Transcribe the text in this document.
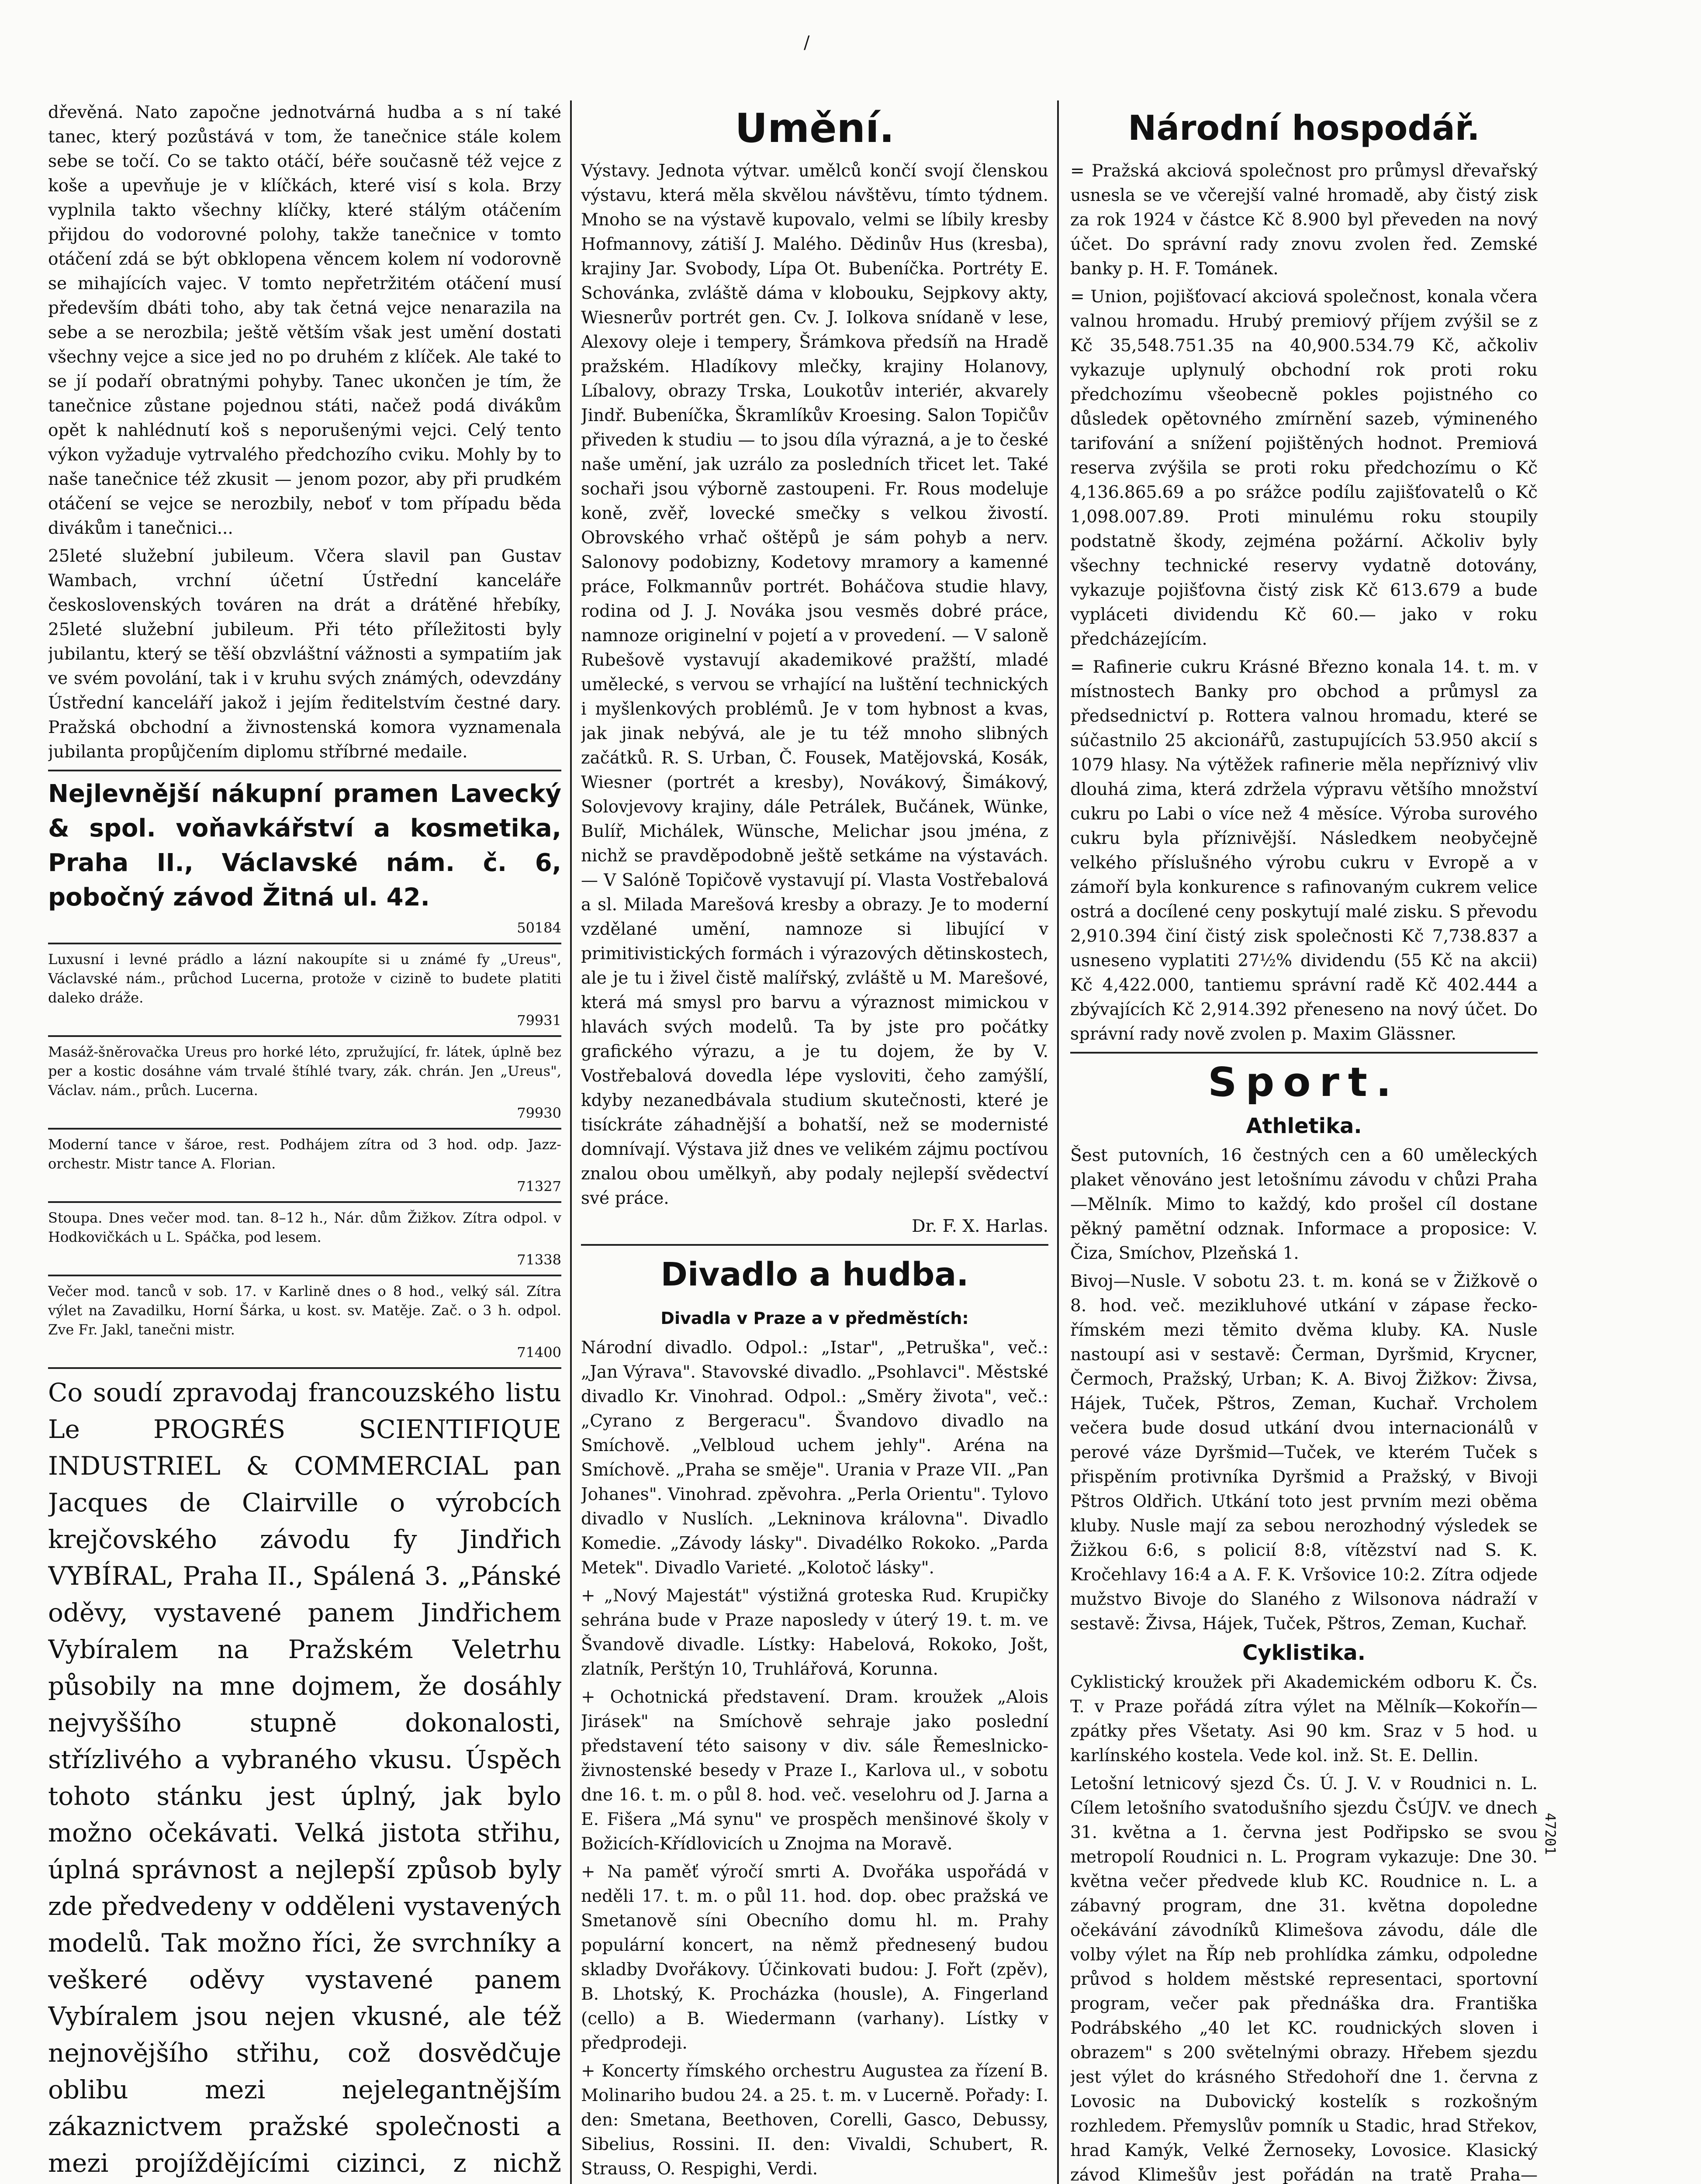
/

dřevěná. Nato započne jednotvárná hudba a s ní také tanec, který pozůstává v tom, že tanečnice stále kolem sebe se točí. Co se takto otáčí, béře současně též vejce z koše a upevňuje je v klíčkách, které visí s kola. Brzy vyplnila takto všechny klíčky, které stálým otáčením přijdou do vodorovné polohy, takže tanečnice v tomto otáčení zdá se být obklopena věncem kolem ní vodorovně se mihajících vajec. V tomto nepřetržitém otáčení musí především dbáti toho, aby tak četná vejce nenarazila na sebe a se nerozbila; ještě větším však jest umění dostati všechny vejce a sice jed no po druhém z klíček. Ale také to se jí podaří obratnými pohyby. Tanec ukončen je tím, že tanečnice zůstane pojednou státi, načež podá divákům opět k nahlédnutí koš s neporušenými vejci. Celý tento výkon vyžaduje vytrvalého předchozího cviku. Mohly by to naše tanečnice též zkusit — jenom pozor, aby při prudkém otáčení se vejce se nerozbily, neboť v tom případu běda divákům i tanečnici...

25leté služební jubileum. Včera slavil pan Gustav Wambach, vrchní účetní Ústřední kanceláře československých továren na drát a drátěné hřebíky, 25leté služební jubileum. Při této příležitosti byly jubilantu, který se těší obzvláštní vážnosti a sympatiím jak ve svém povolání, tak i v kruhu svých známých, odevzdány Ústřední kanceláří jakož i jejím ředitelstvím čestné dary. Pražská obchodní a živnostenská komora vyznamenala jubilanta propůjčením diplomu stříbrné medaile.

Nejlevnější nákupní pramen Lavecký & spol. voňavkářství a kosmetika, Praha II., Václavské nám. č. 6, pobočný závod Žitná ul. 42.

50184

Luxusní i levné prádlo a lázní nakoupíte si u známé fy „Ureus", Václavské nám., průchod Lucerna, protože v cizině to budete platiti daleko dráže.

79931

Masáž-šněrovačka Ureus pro horké léto, zpružující, fr. látek, úplně bez per a kostic dosáhne vám trvalé štíhlé tvary, zák. chrán. Jen „Ureus", Václav. nám., průch. Lucerna.

79930

Moderní tance v šároe, rest. Podhájem zítra od 3 hod. odp. Jazz-orchestr. Mistr tance A. Florian.

71327

Stoupa. Dnes večer mod. tan. 8–12 h., Nár. dům Žižkov. Zítra odpol. v Hodkovičkách u L. Spáčka, pod lesem.

71338

Večer mod. tanců v sob. 17. v Karlině dnes o 8 hod., velký sál. Zítra výlet na Zavadilku, Horní Šárka, u kost. sv. Matěje. Zač. o 3 h. odpol. Zve Fr. Jakl, tanečni mistr.

71400

Co soudí zpravodaj francouzského listu Le PROGRÉS SCIENTIFIQUE INDUSTRIEL & COMMERCIAL pan Jacques de Clairville o výrobcích krejčovského závodu fy Jindřich VYBÍRAL, Praha II., Spálená 3. „Pánské oděvy, vystavené panem Jindřichem Vybíralem na Pražském Veletrhu působily na mne dojmem, že dosáhly nejvyššího stupně dokonalosti, střízlivého a vybraného vkusu. Úspěch tohoto stánku jest úplný, jak bylo možno očekávati. Velká jistota střihu, úplná správnost a nejlepší způsob byly zde předvedeny v odděleni vystavených modelů. Tak možno říci, že svrchníky a veškeré oděvy vystavené panem Vybíralem jsou nejen vkusné, ale též nejnovějšího střihu, což dosvědčuje oblibu mezi nejelegantnějším zákaznictvem pražské společnosti a mezi projíždějícími cizinci, z nichž

Umění.

Výstavy. Jednota výtvar. umělců končí svojí členskou výstavu, která měla skvělou návštěvu, tímto týdnem. Mnoho se na výstavě kupovalo, velmi se líbily kresby Hofmannovy, zátiší J. Malého. Dědinův Hus (kresba), krajiny Jar. Svobody, Lípa Ot. Bubeníčka. Portréty E. Schovánka, zvláště dáma v klobouku, Sejpkovy akty, Wiesnerův portrét gen. Cv. J. Iolkova snídaně v lese, Alexovy oleje i tempery, Šrámkova předsíň na Hradě pražském. Hladíkovy mlečky, krajiny Holanovy, Líbalovy, obrazy Trska, Loukotův interiér, akvarely Jindř. Bubeníčka, Škramlíkův Kroesing. Salon Topičův přiveden k studiu — to jsou díla výrazná, a je to české naše umění, jak uzrálo za posledních třicet let. Také sochaři jsou výborně zastoupeni. Fr. Rous modeluje koně, zvěř, lovecké smečky s velkou živostí. Obrovského vrhač oštěpů je sám pohyb a nerv. Salonovy podobizny, Kodetovy mramory a kamenné práce, Folkmannův portrét. Boháčova studie hlavy, rodina od J. J. Nováka jsou vesměs dobré práce, namnoze originelní v pojetí a v provedení. — V saloně Rubešově vystavují akademikové pražští, mladé umělecké, s vervou se vrhající na luštění technických i myšlenkových problémů. Je v tom hybnost a kvas, jak jinak nebývá, ale je tu též mnoho slibných začátků. R. S. Urban, Č. Fousek, Matějovská, Kosák, Wiesner (portrét a kresby), Novákový, Šimákový, Solovjevovy krajiny, dále Petrálek, Bučánek, Wünke, Bulíř, Michálek, Wünsche, Melichar jsou jména, z nichž se pravděpodobně ještě setkáme na výstavách. — V Salóně Topičově vystavují pí. Vlasta Vostřebalová a sl. Milada Marešová kresby a obrazy. Je to moderní vzdělané umění, namnoze si libující v primitivistických formách i výrazových dětinskostech, ale je tu i živel čistě malířský, zvláště u M. Marešové, která má smysl pro barvu a výraznost mimickou v hlavách svých modelů. Ta by jste pro počátky grafického výrazu, a je tu dojem, že by V. Vostřebalová dovedla lépe vysloviti, čeho zamýšlí, kdyby nezanedbávala studium skutečnosti, které je tisíckráte záhadnější a bohatší, než se modernisté domnívají. Výstava již dnes ve velikém zájmu poctívou znalou obou umělkyň, aby podaly nejlepší svědectví své práce.

Dr. F. X. Harlas.

Divadlo a hudba.
Divadla v Praze a v předměstích:

Národní divadlo. Odpol.: „Istar", „Petruška", več.: „Jan Výrava". Stavovské divadlo. „Psohlavci". Městské divadlo Kr. Vinohrad. Odpol.: „Směry života", več.: „Cyrano z Bergeracu". Švandovo divadlo na Smíchově. „Velbloud uchem jehly". Aréna na Smíchově. „Praha se směje". Urania v Praze VII. „Pan Johanes". Vinohrad. zpěvohra. „Perla Orientu". Tylovo divadlo v Nuslích. „Lekninova královna". Divadlo Komedie. „Závody lásky". Divadélko Rokoko. „Parda Metek". Divadlo Varieté. „Kolotoč lásky".

+ „Nový Majestát" výstižná groteska Rud. Krupičky sehrána bude v Praze naposledy v úterý 19. t. m. ve Švandově divadle. Lístky: Habelová, Rokoko, Jošt, zlatník, Perštýn 10, Truhlářová, Korunna.

+ Ochotnická představení. Dram. kroužek „Alois Jirásek" na Smíchově sehraje jako poslední představení této saisony v div. sále Řemeslnicko-živnostenské besedy v Praze I., Karlova ul., v sobotu dne 16. t. m. o půl 8. hod. več. veselohru od J. Jarna a E. Fišera „Má synu" ve prospěch menšinové školy v Božicích-Křídlovicích u Znojma na Moravě.

+ Na paměť výročí smrti A. Dvořáka uspořádá v neděli 17. t. m. o půl 11. hod. dop. obec pražská ve Smetanově síni Obecního domu hl. m. Prahy populární koncert, na němž přednesený budou skladby Dvořákovy. Účinkovati budou: J. Fořt (zpěv), B. Lhotský, K. Procházka (housle), A. Fingerland (cello) a B. Wiedermann (varhany). Lístky v předprodeji.

+ Koncerty římského orchestru Augustea za řízení B. Molinariho budou 24. a 25. t. m. v Lucerně. Pořady: I. den: Smetana, Beethoven, Corelli, Gasco, Debussy, Sibelius, Rossini. II. den: Vivaldi, Schubert, R. Strauss, O. Respighi, Verdi.

Národní hospodář.

= Pražská akciová společnost pro průmysl dřevařský usnesla se ve včerejší valné hromadě, aby čistý zisk za rok 1924 v částce Kč 8.900 byl převeden na nový účet. Do správní rady znovu zvolen řed. Zemské banky p. H. F. Tománek.

= Union, pojišťovací akciová společnost, konala včera valnou hromadu. Hrubý premiový příjem zvýšil se z Kč 35,548.751.35 na 40,900.534.79 Kč, ačkoliv vykazuje uplynulý obchodní rok proti roku předchozímu všeobecně pokles pojistného co důsledek opětovného zmírnění sazeb, výmineného tarifování a snížení pojištěných hodnot. Premiová reserva zvýšila se proti roku předchozímu o Kč 4,136.865.69 a po srážce podílu zajišťovatelů o Kč 1,098.007.89. Proti minulému roku stoupily podstatně škody, zejména požární. Ačkoliv byly všechny technické reservy vydatně dotovány, vykazuje pojišťovna čistý zisk Kč 613.679 a bude vypláceti dividendu Kč 60.— jako v roku předcházejícím.

= Rafinerie cukru Krásné Březno konala 14. t. m. v místnostech Banky pro obchod a průmysl za předsednictví p. Rottera valnou hromadu, které se súčastnilo 25 akcionářů, zastupujících 53.950 akcií s 1079 hlasy. Na výtěžek rafinerie měla nepříznivý vliv dlouhá zima, která zdržela výpravu většího množství cukru po Labi o více než 4 měsíce. Výroba surového cukru byla příznivější. Následkem neobyčejně velkého příslušného výrobu cukru v Evropě a v zámoří byla konkurence s rafinovaným cukrem velice ostrá a docílené ceny poskytují malé zisku. S převodu 2,910.394 činí čistý zisk společnosti Kč 7,738.837 a usneseno vyplatiti 27½% dividendu (55 Kč na akcii) Kč 4,422.000, tantiemu správní radě Kč 402.444 a zbývajících Kč 2,914.392 přeneseno na nový účet. Do správní rady nově zvolen p. Maxim Glässner.

Sport.
Athletika.

Šest putovních, 16 čestných cen a 60 uměleckých plaket věnováno jest letošnímu závodu v chůzi Praha—Mělník. Mimo to každý, kdo prošel cíl dostane pěkný pamětní odznak. Informace a proposice: V. Čiza, Smíchov, Plzeňská 1.

Bivoj—Nusle. V sobotu 23. t. m. koná se v Žižkově o 8. hod. več. mezikluhové utkání v zápase řecko-římském mezi těmito dvěma kluby. KA. Nusle nastoupí asi v sestavě: Čerman, Dyršmid, Krycner, Čermoch, Pražský, Urban; K. A. Bivoj Žižkov: Živsa, Hájek, Tuček, Pštros, Zeman, Kuchař. Vrcholem večera bude dosud utkání dvou internacionálů v perové váze Dyršmid—Tuček, ve kterém Tuček s přispěním protivníka Dyršmid a Pražský, v Bivoji Pštros Oldřich. Utkání toto jest prvním mezi oběma kluby. Nusle mají za sebou nerozhodný výsledek se Žižkou 6:6, s policií 8:8, vítězství nad S. K. Kročehlavy 16:4 a A. F. K. Vršovice 10:2. Zítra odjede mužstvo Bivoje do Slaného z Wilsonova nádraží v sestavě: Živsa, Hájek, Tuček, Pštros, Zeman, Kuchař.

Cyklistika.

Cyklistický kroužek při Akademickém odboru K. Čs. T. v Praze pořádá zítra výlet na Mělník—Kokořín—zpátky přes Všetaty. Asi 90 km. Sraz v 5 hod. u karlínského kostela. Vede kol. inž. St. E. Dellin.

Letošní letnicový sjezd Čs. Ú. J. V. v Roudnici n. L. Cílem letošního svatodušního sjezdu ČsÚJV. ve dnech 31. května a 1. června jest Podřipsko se svou metropolí Roudnici n. L. Program vykazuje: Dne 30. května večer předvede klub KC. Roudnice n. L. a zábavný program, dne 31. května dopoledne očekávání závodníků Klimešova závodu, dále dle volby výlet na Říp neb prohlídka zámku, odpoledne průvod s holdem městské representaci, sportovní program, večer pak přednáška dra. Františka Podrábského „40 let KC. roudnických sloven i obrazem" s 200 světelnými obrazy. Hřebem sjezdu jest výlet do krásného Středohoří dne 1. června z Lovosic na Dubovický kostelík s rozkošným rozhledem. Přemyslův pomník u Stadic, hrad Střekov, hrad Kamýk, Velké Žernoseky, Lovosice. Klasický závod Klimešův jest pořádán na tratě Praha—

47201
